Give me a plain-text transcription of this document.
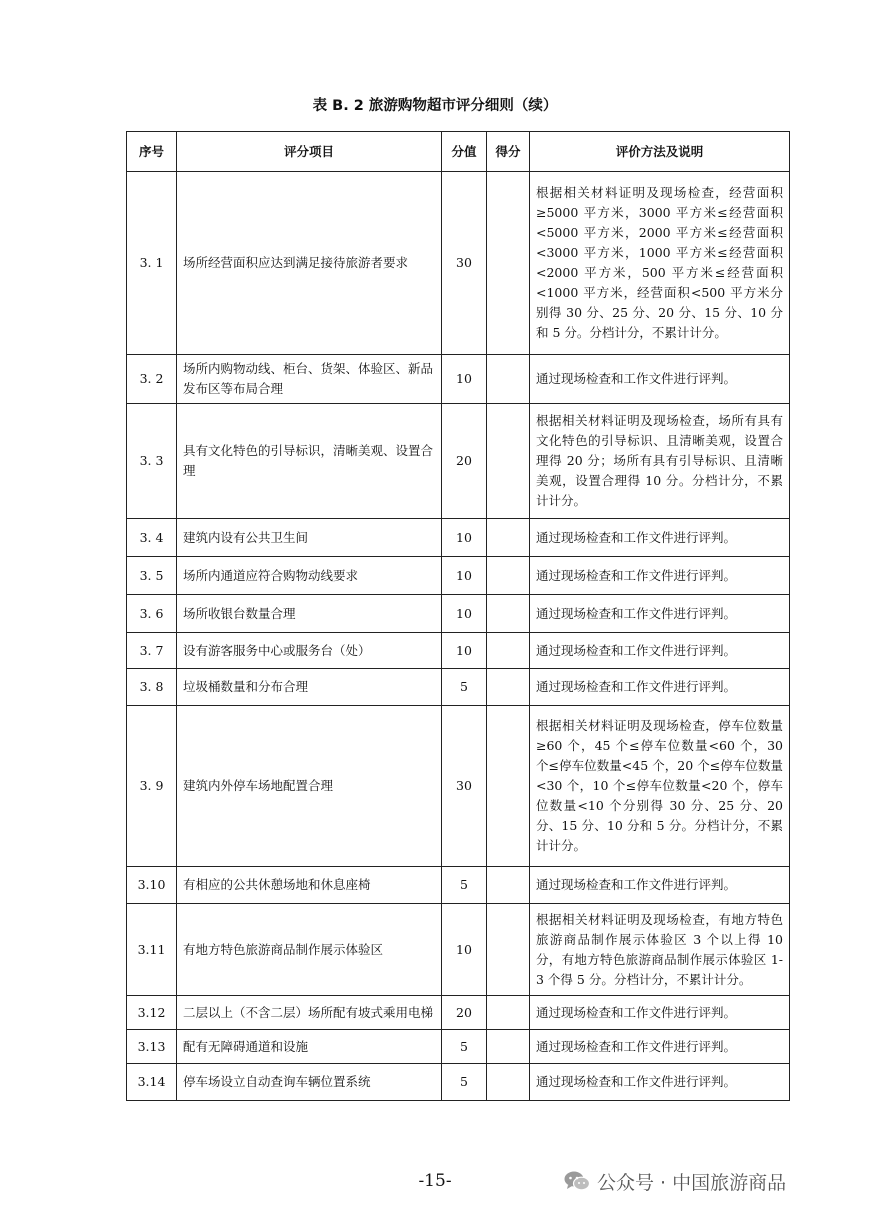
表 B. 2 旅游购物超市评分细则（续）
序号	评分项目	分值	得分	评价方法及说明
3. 1	场所经营面积应达到满足接待旅游者要求	30		根据相关材料证明及现场检查，经营面积≥5000 平方米，3000 平方米≤经营面积<5000 平方米，2000 平方米≤经营面积<3000 平方米，1000 平方米≤经营面积<2000 平方米，500 平方米≤经营面积<1000 平方米，经营面积<500 平方米分别得 30 分、25 分、20 分、15 分、10 分和 5 分。分档计分，不累计计分。
3. 2	场所内购物动线、柜台、货架、体验区、新品发布区等布局合理	10		通过现场检查和工作文件进行评判。
3. 3	具有文化特色的引导标识，清晰美观、设置合理	20		根据相关材料证明及现场检查，场所有具有文化特色的引导标识、且清晰美观，设置合理得 20 分；场所有具有引导标识、且清晰美观，设置合理得 10 分。分档计分，不累计计分。
3. 4	建筑内设有公共卫生间	10		通过现场检查和工作文件进行评判。
3. 5	场所内通道应符合购物动线要求	10		通过现场检查和工作文件进行评判。
3. 6	场所收银台数量合理	10		通过现场检查和工作文件进行评判。
3. 7	设有游客服务中心或服务台（处）	10		通过现场检查和工作文件进行评判。
3. 8	垃圾桶数量和分布合理	5		通过现场检查和工作文件进行评判。
3. 9	建筑内外停车场地配置合理	30		根据相关材料证明及现场检查，停车位数量≥60 个，45 个≤停车位数量<60 个，30 个≤停车位数量<45 个，20 个≤停车位数量<30 个，10 个≤停车位数量<20 个，停车位数量<10 个分别得 30 分、25 分、20 分、15 分、10 分和 5 分。分档计分，不累计计分。
3.10	有相应的公共休憩场地和休息座椅	5		通过现场检查和工作文件进行评判。
3.11	有地方特色旅游商品制作展示体验区	10		根据相关材料证明及现场检查，有地方特色旅游商品制作展示体验区 3 个以上得 10 分，有地方特色旅游商品制作展示体验区 1-3 个得 5 分。分档计分，不累计计分。
3.12	二层以上（不含二层）场所配有坡式乘用电梯	20		通过现场检查和工作文件进行评判。
3.13	配有无障碍通道和设施	5		通过现场检查和工作文件进行评判。
3.14	停车场设立自动查询车辆位置系统	5		通过现场检查和工作文件进行评判。
-15-	公众号 · 中国旅游商品
